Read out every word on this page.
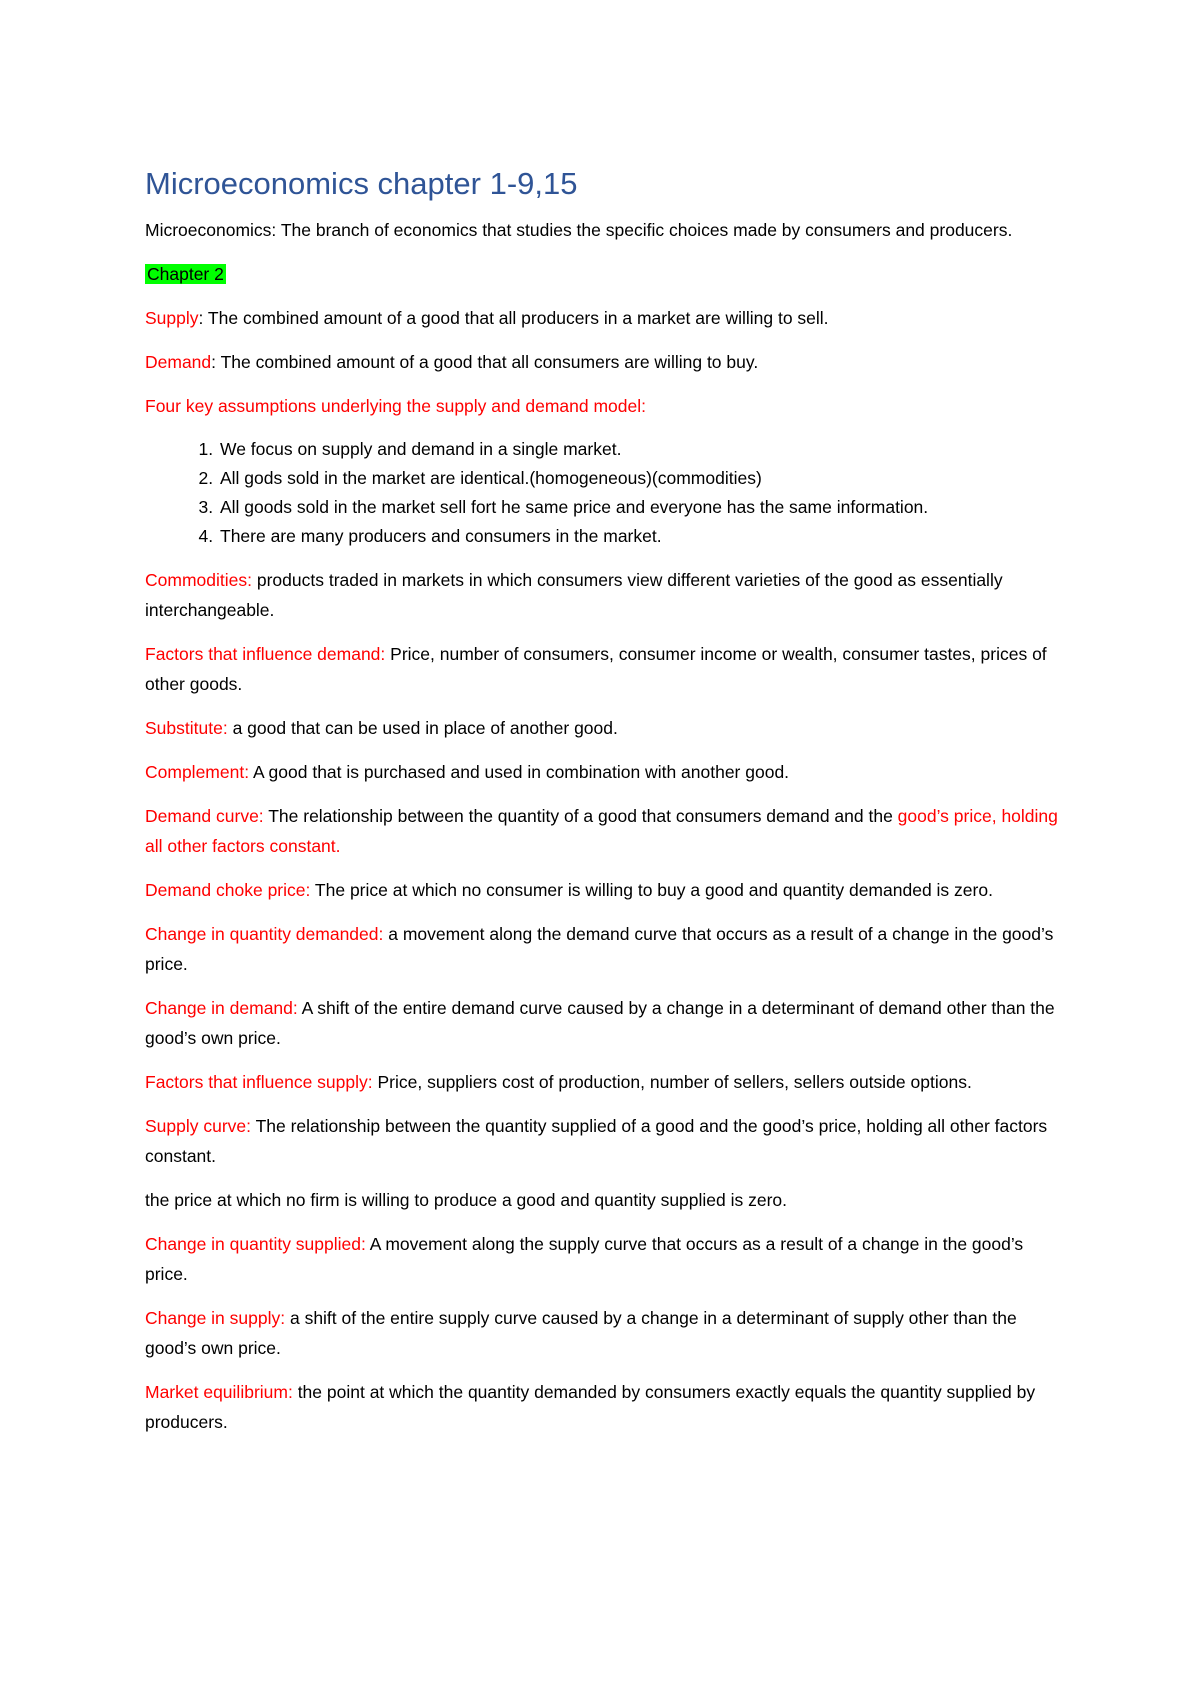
Microeconomics chapter 1-9,15

Microeconomics: The branch of economics that studies the specific choices made by consumers and producers.

Chapter 2

Supply: The combined amount of a good that all producers in a market are willing to sell.

Demand: The combined amount of a good that all consumers are willing to buy.

Four key assumptions underlying the supply and demand model:

1. We focus on supply and demand in a single market.
2. All gods sold in the market are identical.(homogeneous)(commodities)
3. All goods sold in the market sell fort he same price and everyone has the same information.
4. There are many producers and consumers in the market.

Commodities: products traded in markets in which consumers view different varieties of the good as essentially interchangeable.

Factors that influence demand: Price, number of consumers, consumer income or wealth, consumer tastes, prices of other goods.

Substitute: a good that can be used in place of another good.

Complement: A good that is purchased and used in combination with another good.

Demand curve: The relationship between the quantity of a good that consumers demand and the good’s price, holding all other factors constant.

Demand choke price: The price at which no consumer is willing to buy a good and quantity demanded is zero.

Change in quantity demanded: a movement along the demand curve that occurs as a result of a change in the good’s price.

Change in demand: A shift of the entire demand curve caused by a change in a determinant of demand other than the good’s own price.

Factors that influence supply: Price, suppliers cost of production, number of sellers, sellers outside options.

Supply curve: The relationship between the quantity supplied of a good and the good’s price, holding all other factors constant.

the price at which no firm is willing to produce a good and quantity supplied is zero.

Change in quantity supplied: A movement along the supply curve that occurs as a result of a change in the good’s price.

Change in supply: a shift of the entire supply curve caused by a change in a determinant of supply other than the good’s own price.

Market equilibrium: the point at which the quantity demanded by consumers exactly equals the quantity supplied by producers.
